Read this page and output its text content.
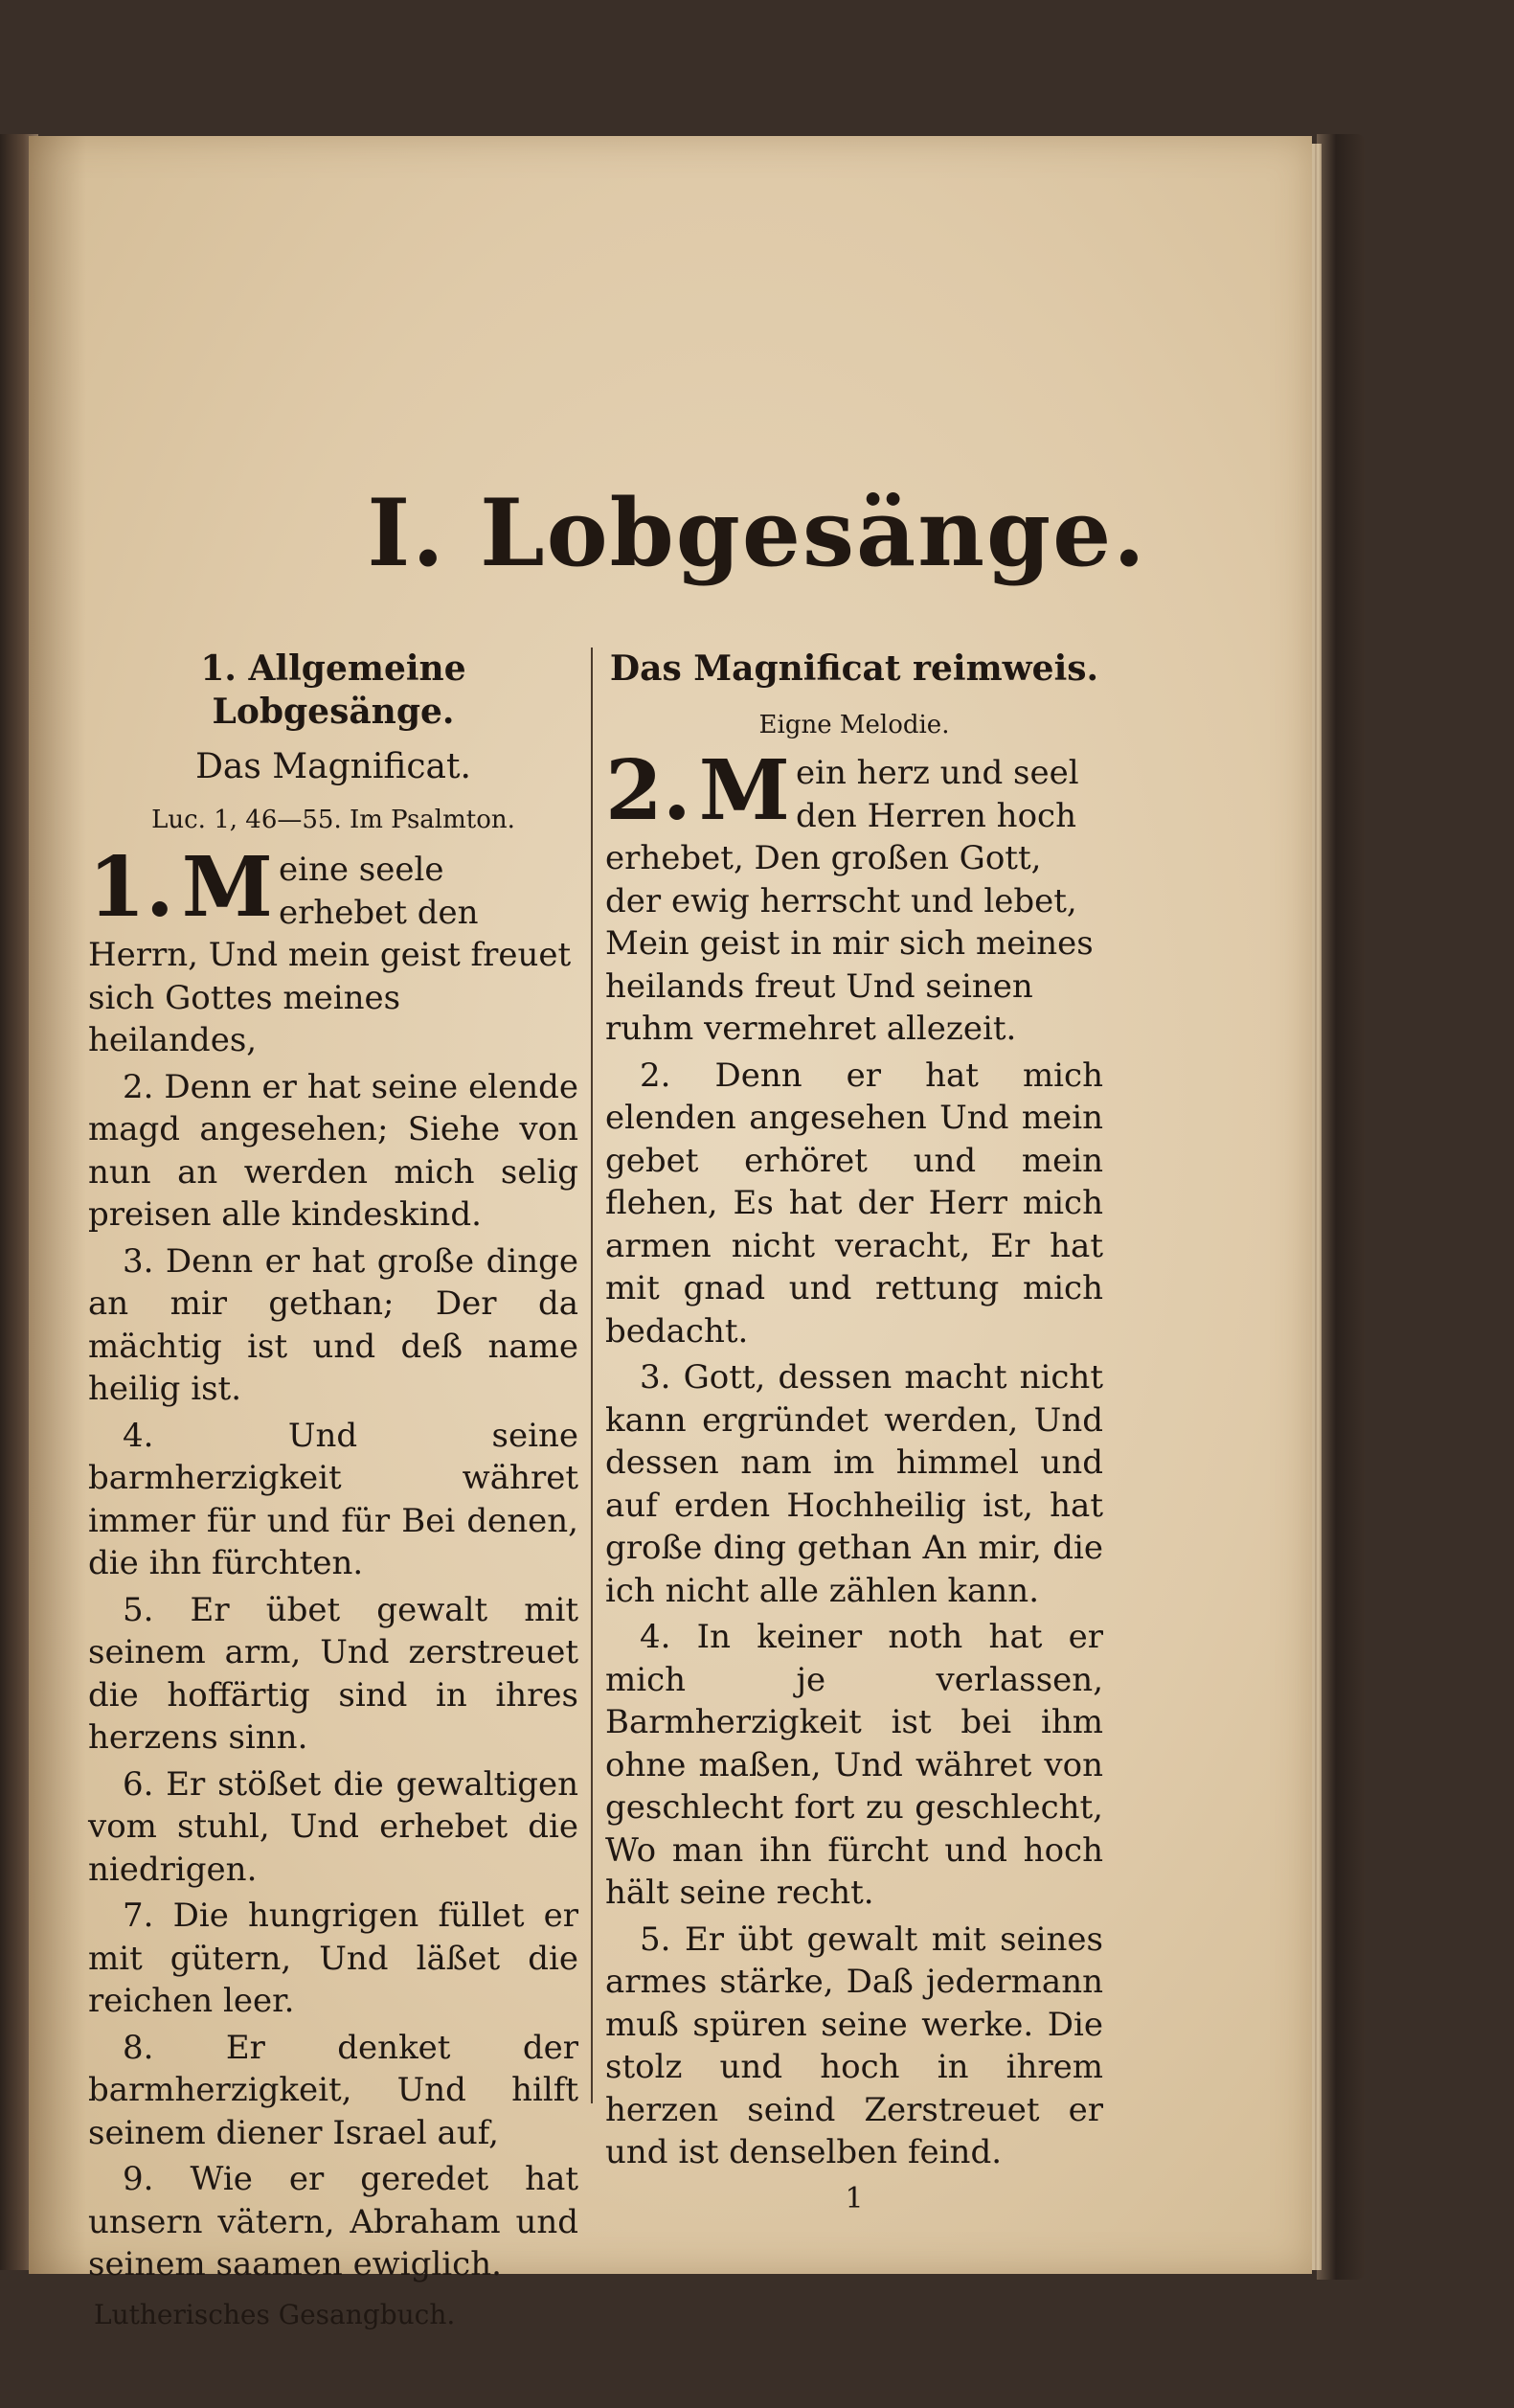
I. Lobgesänge.
1. Allgemeine Lobgesänge.
Das Magnificat.
Luc. 1, 46—55. Im Psalmton.
1. M eine seele erhebet den Herrn, Und mein geist freuet sich Gottes meines heilandes,

2. Denn er hat seine elende magd angesehen; Siehe von nun an werden mich selig preisen alle kindeskind.

3. Denn er hat große dinge an mir gethan; Der da mächtig ist und deß name heilig ist.

4. Und seine barmherzigkeit währet immer für und für Bei denen, die ihn fürchten.

5. Er übet gewalt mit seinem arm, Und zerstreuet die hoffärtig sind in ihres herzens sinn.

6. Er stößet die gewaltigen vom stuhl, Und erhebet die niedrigen.

7. Die hungrigen füllet er mit gütern, Und läßet die reichen leer.

8. Er denket der barmherzigkeit, Und hilft seinem diener Israel auf,

9. Wie er geredet hat unsern vätern, Abraham und seinem saamen ewiglich.

Lutherisches Gesangbuch.
Das Magnificat reimweis.
Eigne Melodie.
2. M ein herz und seel den Herren hoch erhebet, Den großen Gott, der ewig herrscht und lebet, Mein geist in mir sich meines heilands freut Und seinen ruhm vermehret allezeit.

2. Denn er hat mich elenden angesehen Und mein gebet erhöret und mein flehen, Es hat der Herr mich armen nicht veracht, Er hat mit gnad und rettung mich bedacht.

3. Gott, dessen macht nicht kann ergründet werden, Und dessen nam im himmel und auf erden Hochheilig ist, hat große ding gethan An mir, die ich nicht alle zählen kann.

4. In keiner noth hat er mich je verlassen, Barmherzigkeit ist bei ihm ohne maßen, Und währet von geschlecht fort zu geschlecht, Wo man ihn fürcht und hoch hält seine recht.

5. Er übt gewalt mit seines armes stärke, Daß jedermann muß spüren seine werke. Die stolz und hoch in ihrem herzen seind Zerstreuet er und ist denselben feind.

1
